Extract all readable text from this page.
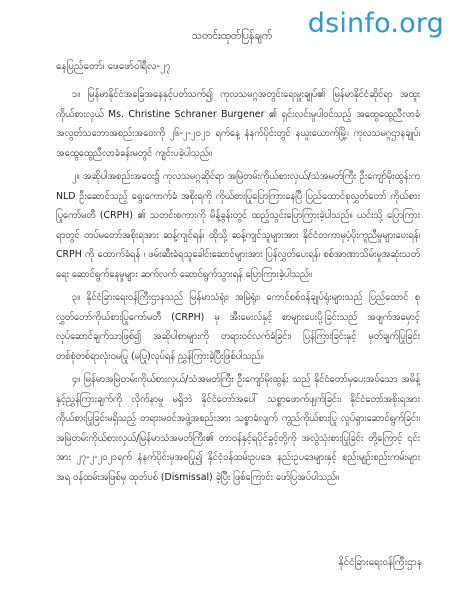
dsinfo.org
သတင်းထုတ်ပြန်ချက်
နေပြည်တော်၊ ဖေဖော်ဝါရီလ-၂၇

၁။ မြန်မာနိုင်ငံအခြေအနေနှင့်ပတ်သက်၍ ကုလသမဂ္ဂအတွင်းရေးမှူးချုပ်၏ မြန်မာနိုင်ငံဆိုင်ရာ အထူးကိုယ်စားလှယ် Ms. Christine Schraner Burgener ၏ ရှင်းလင်းမှုပါဝင်သည့် အထွေထွေညီလာခံ အလွတ်သဘောအစည်းအဝေးကို ၂၆-၂-၂၀၂၁ ရက်နေ့ နံနက်ပိုင်းတွင် နယူးယောက်မြို့၊ ကုလသမဂ္ဂဌာနချုပ်၊ အထွေထွေညီလာခံခန်းမတွင် ကျင်းပခဲ့ပါသည်။

၂။ အဆိုပါအစည်းအဝေး၌ ကုလသမဂ္ဂဆိုင်ရာ အမြဲတမ်းကိုယ်စားလှယ်/သံအမတ်ကြီး ဦးကျော်မိုးထွန်းက NLD ဦးဆောင်သည့် ရွေးကောက်ခံ အစိုးရကို ကိုယ်စားပြုပြောကြားနေပြီ ပြည်ထောင်စုလွှတ်တော် ကိုယ်စားပြုကော်မတီ (CRPH) ၏ သတင်းစကားကို မိန့်ခွန်းတွင် ထည့်သွင်းပြောကြားခဲ့ပါသည်။ ယင်းသို့ ပြောကြားရာတွင် တပ်မတော်အစိုးရအား ဆန့်ကျင်ရန်၊ ထိုသို့ ဆန့်ကျင်သူများအား နိုင်ငံတကာမှပံ့ပိုးကူညီမှုများပေးရန်၊ CRPH ကို ထောက်ခံရန် ၊ ဖမ်းဆီးခံရသူခေါင်းဆောင်များအား ပြန်လွှတ်ပေးရန်၊ စစ်အာဏာသိမ်းမှုအဆုံးသတ်ရေး ဆောင်ရွက်နေမှုများ ဆက်လက် ဆောင်ရွက်သွားရန် ပြောကြားခဲ့ပါသည်။

၃။ နိုင်ငံခြားရေးဝန်ကြီးဌာနသည် မြန်မာသံရုံး၊ အမြဲရုံး၊ ကောင်စစ်ဝန်ချုပ်ရုံးများသည် ပြည်ထောင် စုလွှတ်တော်ကိုယ်စားပြုကော်မတီ (CRPH) မှ အီးမေးလ်နှင့် စာများပေးပို့ခြင်းသည် အဖျက်အမှောင့် လုပ်ဆောင်ချက်သာဖြစ်၍ အဆိုပါစာများကို တရားဝင်လက်ခံခြင်း၊ ပြန်ကြားခြင်းနှင့် မှတ်ချက်ပြုခြင်း တစ်စုံတစ်ရာလုံးဝမပြု (မပြု)လုပ်ရန် ညွှန်ကြားခဲ့ပြီးဖြစ်ပါသည်။

၄။ မြန်မာအမြဲတမ်းကိုယ်စားလှယ်/သံအမတ်ကြီး ဦးကျော်မိုးထွန်း သည် နိုင်ငံတော်မှပေးအပ်သော အမိန့်နှင့်ညွှန်ကြားချက်ကို လိုက်နာမှု မရှိဘဲ နိုင်ငံတော်အပေါ် သစ္စာဖောက်ဖျက်ခြင်း၊ နိုင်ငံတော်အစိုးရအား ကိုယ်စားပြုခြင်းမရှိသည့် တရားမဝင်အဖွဲ့အစည်းအား သစ္စာခံလျက် ကွည်ကိုယ်စားပြု လှုပ်ရှားဆောင်ရွက်ခြင်း၊ အမြဲတမ်းကိုယ်စားလှယ်/မြန်မာသံအမတ်ကြီး၏ တာဝန်နှင့်ရပိုင်ခွင့်တို့ကို အလွဲသုံးစားပြုခြင်း တို့ကြောင့် ၎င်းအား ၂၇-၂-၂၀၂၁ရက် နံနက်ပိုင်းမှအစပြု၍ နိုင်ငံ့ဝန်ထမ်းဥပဒေ၊ နည်းဥပဒေများနှင့် စည်းမျဉ်းစည်းကမ်းများအရ ဝန်ထမ်းအဖြစ်မှ ထုတ်ပစ် (Dismissal) ခဲ့ပြီး ဖြစ်ကြောင်း ဖော်ပြအပ်ပါသည်။

နိုင်ငံခြားရေးဝန်ကြီးဌာန
